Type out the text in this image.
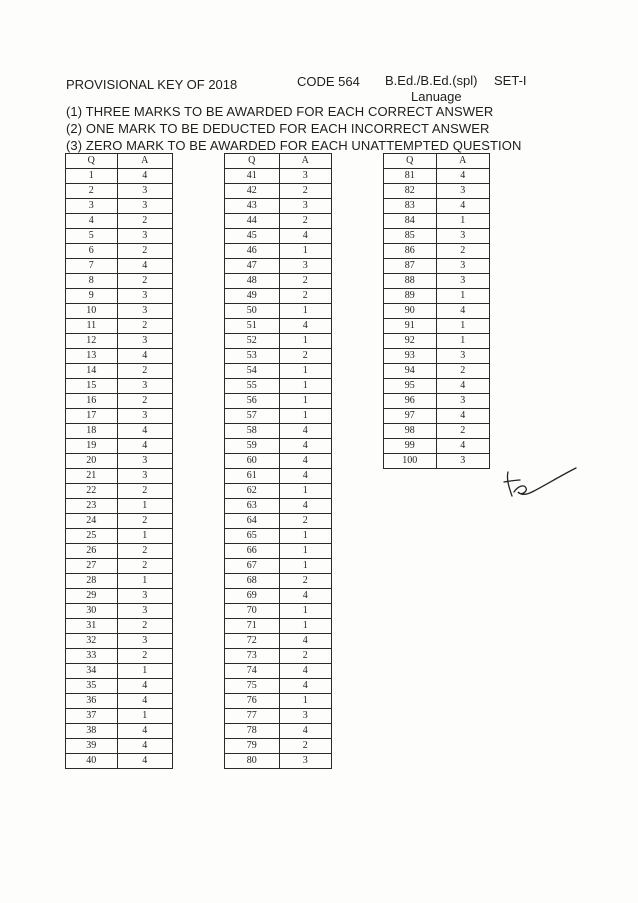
PROVISIONAL KEY OF 2018	CODE 564 B.Ed./B.Ed.(spl)
Lanuage
SET-I
(1) THREE MARKS TO BE AWARDED FOR EACH CORRECT ANSWER
(2) ONE MARK TO BE DEDUCTED FOR EACH INCORRECT ANSWER
(3) ZERO MARK TO BE AWARDED FOR EACH UNATTEMPTED QUESTION
Q	A
1	4
2	3
3	3
4	2
5	3
6	2
7	4
8	2
9	3
10	3
11	2
12	3
13	4
14	2
15	3
16	2
17	3
18	4
19	4
20	3
21	3
22	2
23	1
24	2
25	1
26	2
27	2
28	1
29	3
30	3
31	2
32	3
33	2
34	1
35	4
36	4
37	1
38	4
39	4
40	4
Q	A
41	3
42	2
43	3
44	2
45	4
46	1
47	3
48	2
49	2
50	1
51	4
52	1
53	2
54	1
55	1
56	1
57	1
58	4
59	4
60	4
61	4
62	1
63	4
64	2
65	1
66	1
67	1
68	2
69	4
70	1
71	1
72	4
73	2
74	4
75	4
76	1
77	3
78	4
79	2
80	3
Q	A
81	4
82	3
83	4
84	1
85	3
86	2
87	3
88	3
89	1
90	4
91	1
92	1
93	3
94	2
95	4
96	3
97	4
98	2
99	4
100	3
